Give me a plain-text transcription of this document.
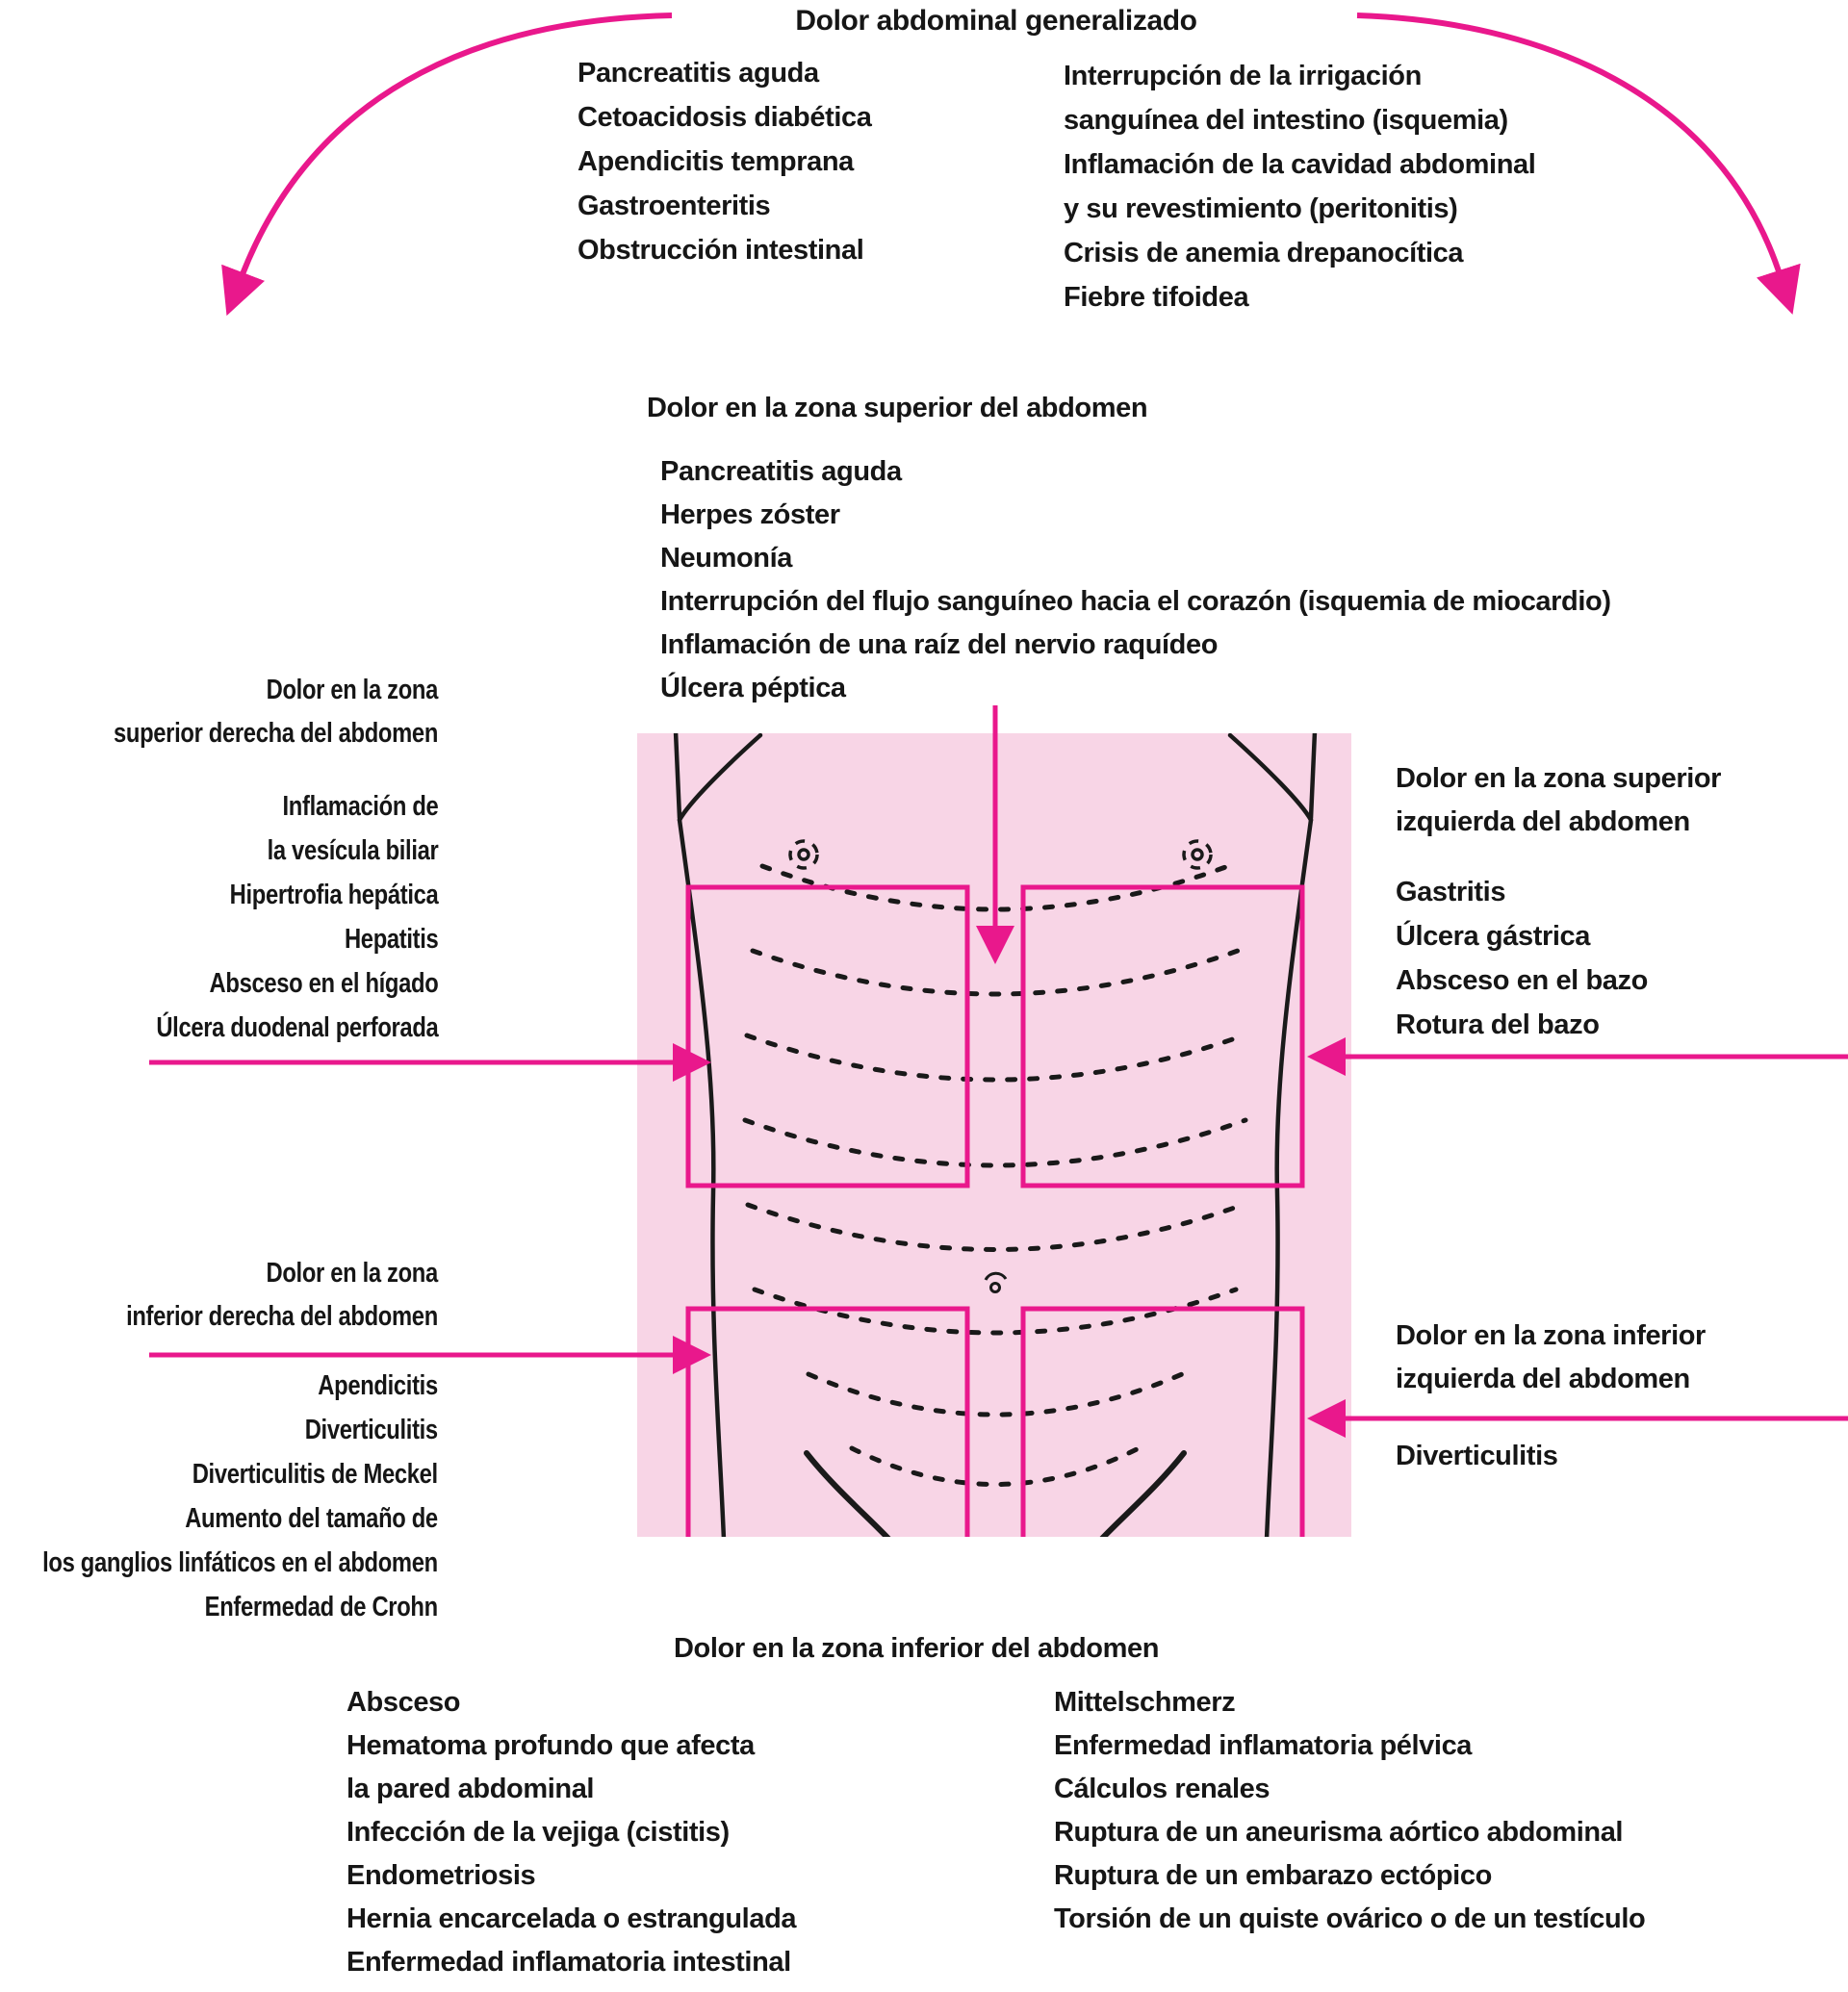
Dolor abdominal generalizado
Pancreatitis aguda
Cetoacidosis diabética
Apendicitis temprana
Gastroenteritis
Obstrucción intestinal
Interrupción de la irrigación
sanguínea del intestino (isquemia)
Inflamación de la cavidad abdominal
y su revestimiento (peritonitis)
Crisis de anemia drepanocítica
Fiebre tifoidea
Dolor en la zona superior del abdomen
Pancreatitis aguda
Herpes zóster
Neumonía
Interrupción del flujo sanguíneo hacia el corazón (isquemia de miocardio)
Inflamación de una raíz del nervio raquídeo
Úlcera péptica
Dolor en la zona
superior derecha del abdomen
Inflamación de
la vesícula biliar
Hipertrofia hepática
Hepatitis
Absceso en el hígado
Úlcera duodenal perforada
Dolor en la zona superior
izquierda del abdomen
Gastritis
Úlcera gástrica
Absceso en el bazo
Rotura del bazo
Dolor en la zona
inferior derecha del abdomen
Apendicitis
Diverticulitis
Diverticulitis de Meckel
Aumento del tamaño de
los ganglios linfáticos en el abdomen
Enfermedad de Crohn
Dolor en la zona inferior
izquierda del abdomen
Diverticulitis
Dolor en la zona inferior del abdomen
Absceso
Hematoma profundo que afecta
la pared abdominal
Infección de la vejiga (cistitis)
Endometriosis
Hernia encarcelada o estrangulada
Enfermedad inflamatoria intestinal
Mittelschmerz
Enfermedad inflamatoria pélvica
Cálculos renales
Ruptura de un aneurisma aórtico abdominal
Ruptura de un embarazo ectópico
Torsión de un quiste ovárico o de un testículo
